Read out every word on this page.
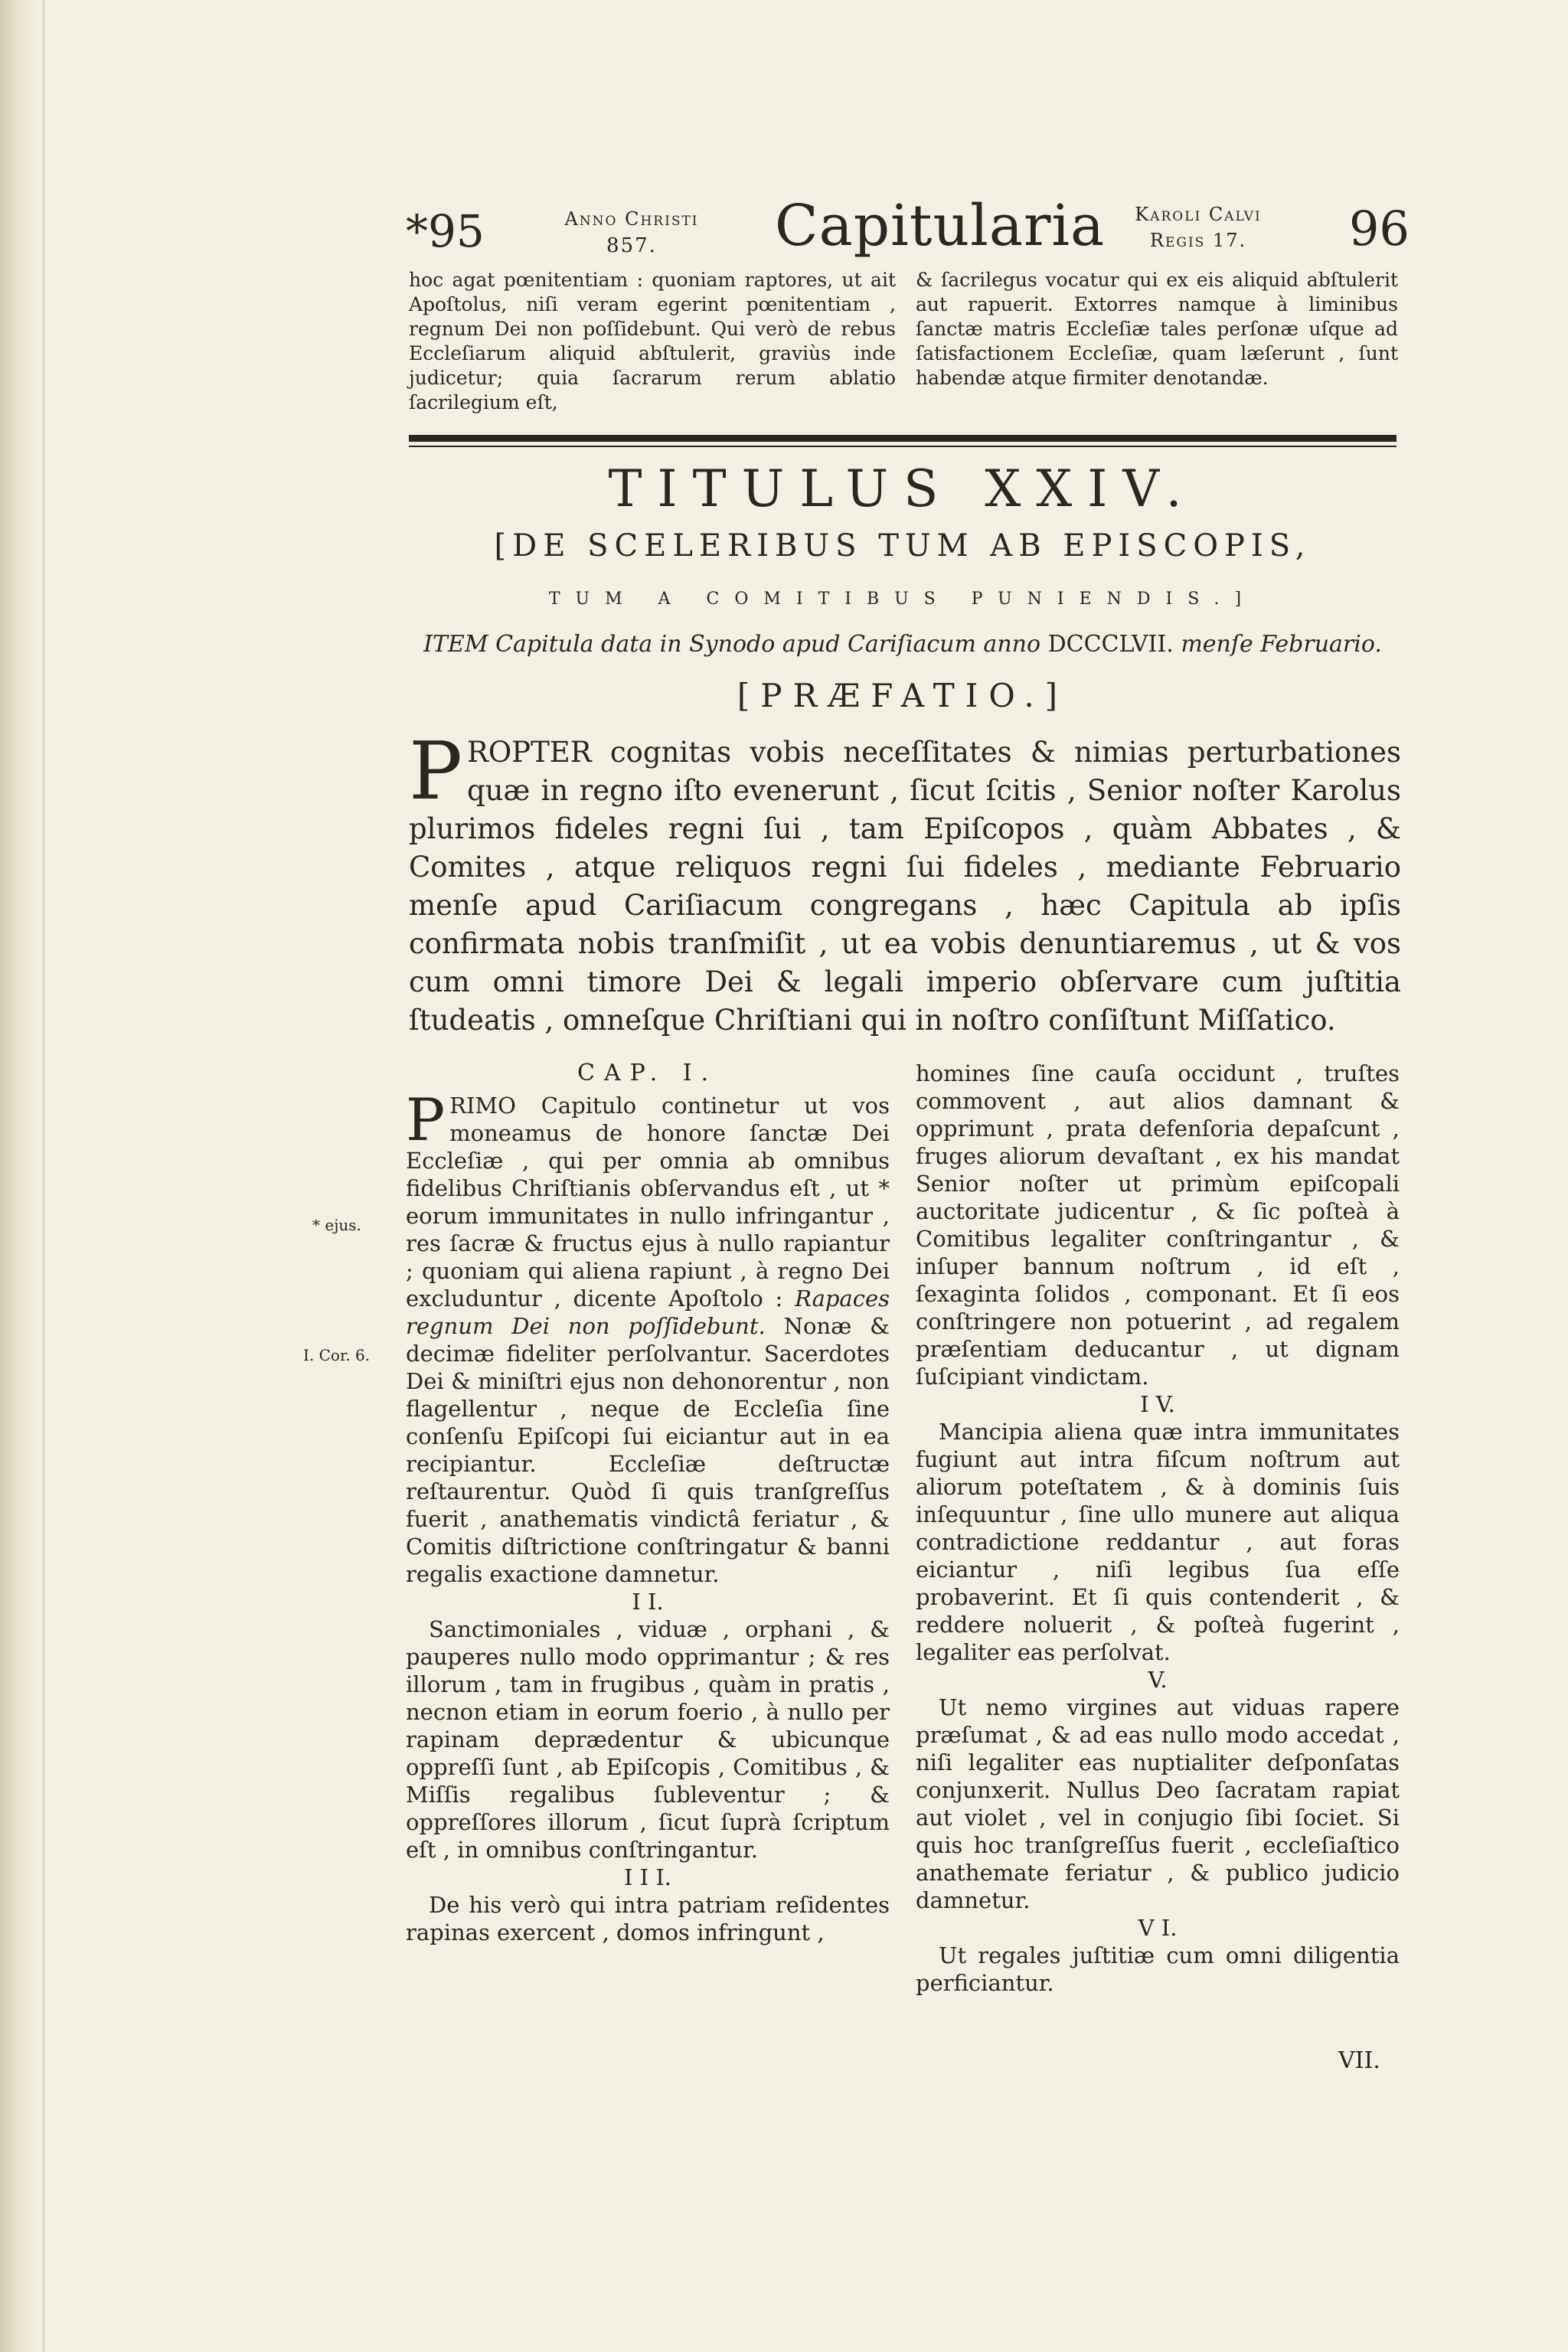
*95	Anno Christi
857.	Capitularia	Karoli Calvi
Regis 17.	96

hoc agat pœnitentiam : quoniam raptores, ut ait Apoſtolus, niſi veram egerint pœnitentiam , regnum Dei non poſſidebunt. Qui verò de rebus Eccleſiarum aliquid abſtulerit, graviùs inde judicetur; quia ſacrarum rerum ablatio ſacrilegium eſt,

& ſacrilegus vocatur qui ex eis aliquid abſtulerit aut rapuerit. Extorres namque à liminibus ſanctæ matris Eccleſiæ tales perſonæ uſque ad ſatisfactionem Eccleſiæ, quam læſerunt , ſunt habendæ atque firmiter denotandæ.

TITULUS XXIV.
[DE SCELERIBUS TUM AB EPISCOPIS,
TUM A COMITIBUS PUNIENDIS.]
ITEM Capitula data in Synodo apud Cariſiacum anno DCCCLVII. menſe Februario.
[PRÆFATIO.]
PROPTER cognitas vobis neceſſitates & nimias perturbationes quæ in regno iſto evenerunt , ſicut ſcitis , Senior noſter Karolus plurimos fideles regni ſui , tam Epiſcopos , quàm Abbates , & Comites , atque reliquos regni ſui fideles , mediante Februario menſe apud Cariſiacum congregans , hæc Capitula ab ipſis confirmata nobis tranſmiſit , ut ea vobis denuntiaremus , ut & vos cum omni timore Dei & legali imperio obſervare cum juſtitia ſtudeatis , omneſque Chriſtiani qui in noſtro conſiſtunt Miſſatico.
CAP. I.
* ejus.
I. Cor. 6.

PRIMO Capitulo continetur ut vos moneamus de honore ſanctæ Dei Eccleſiæ , qui per omnia ab omnibus fidelibus Chriſtianis obſervandus eſt , ut * eorum immunitates in nullo infringantur , res ſacræ & fructus ejus à nullo rapiantur ; quoniam qui aliena rapiunt , à regno Dei excluduntur , dicente Apoſtolo : Rapaces regnum Dei non poſſidebunt. Nonæ & decimæ fideliter perſolvantur. Sacerdotes Dei & miniſtri ejus non dehonorentur , non flagellentur , neque de Eccleſia ſine conſenſu Epiſcopi ſui eiciantur aut in ea recipiantur. Eccleſiæ deſtructæ reſtaurentur. Quòd ſi quis tranſgreſſus fuerit , anathematis vindictâ feriatur , & Comitis diſtrictione conſtringatur & banni regalis exactione damnetur.

I I.

Sanctimoniales , viduæ , orphani , & pauperes nullo modo opprimantur ; & res illorum , tam in frugibus , quàm in pratis , necnon etiam in eorum foerio , à nullo per rapinam deprædentur & ubicunque oppreſſi ſunt , ab Epiſcopis , Comitibus , & Miſſis regalibus ſubleventur ; & oppreſſores illorum , ſicut ſuprà ſcriptum eſt , in omnibus conſtringantur.

I I I.

De his verò qui intra patriam reſidentes rapinas exercent , domos infringunt ,

homines ſine cauſa occidunt , truſtes commovent , aut alios damnant & opprimunt , prata defenſoria depaſcunt , fruges aliorum devaſtant , ex his mandat Senior noſter ut primùm epiſcopali auctoritate judicentur , & ſic poſteà à Comitibus legaliter conſtringantur , & inſuper bannum noſtrum , id eſt , ſexaginta ſolidos , componant. Et ſi eos conſtringere non potuerint , ad regalem præſentiam deducantur , ut dignam ſuſcipiant vindictam.

I V.

Mancipia aliena quæ intra immunitates fugiunt aut intra fiſcum noſtrum aut aliorum poteſtatem , & à dominis ſuis inſequuntur , ſine ullo munere aut aliqua contradictione reddantur , aut foras eiciantur , niſi legibus ſua eſſe probaverint. Et ſi quis contenderit , & reddere noluerit , & poſteà fugerint , legaliter eas perſolvat.

V.

Ut nemo virgines aut viduas rapere præſumat , & ad eas nullo modo accedat , niſi legaliter eas nuptialiter deſponſatas conjunxerit. Nullus Deo ſacratam rapiat aut violet , vel in conjugio ſibi ſociet. Si quis hoc tranſgreſſus fuerit , eccleſiaſtico anathemate feriatur , & publico judicio damnetur.

V I.

Ut regales juſtitiæ cum omni diligentia perficiantur.

VII.
